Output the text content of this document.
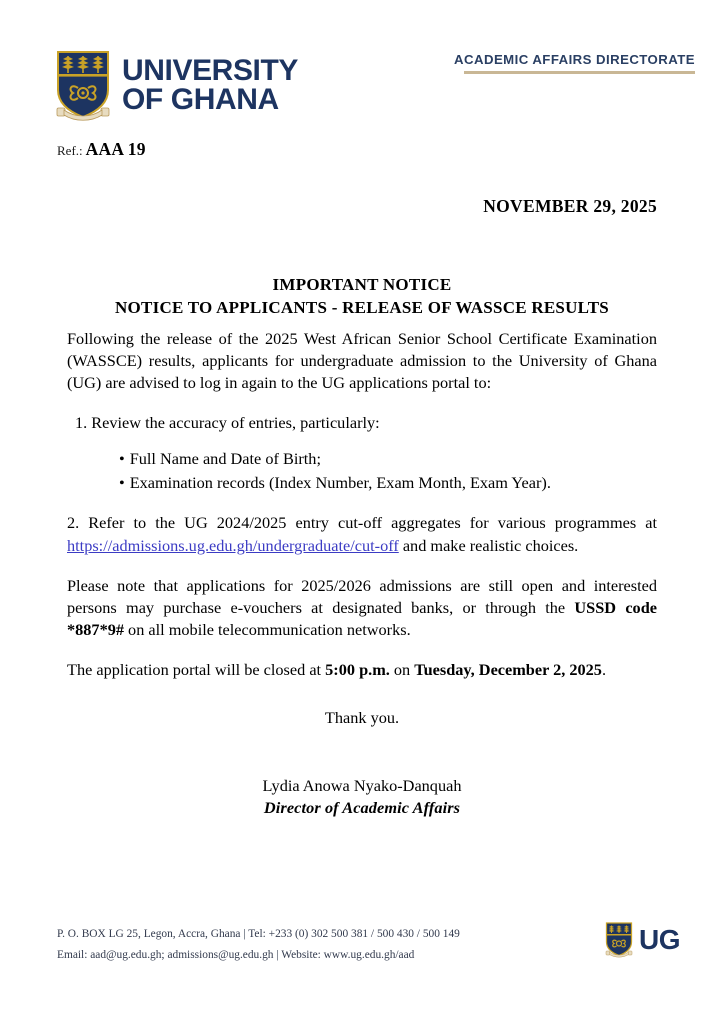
UNIVERSITY
OF GHANA
ACADEMIC AFFAIRS DIRECTORATE
Ref.: AAA 19
NOVEMBER 29, 2025
IMPORTANT NOTICE
NOTICE TO APPLICANTS - RELEASE OF WASSCE RESULTS

Following the release of the 2025 West African Senior School Certificate Examination (WASSCE) results, applicants for undergraduate admission to the University of Ghana (UG) are advised to log in again to the UG applications portal to:

1. Review the accuracy of entries, particularly:
• Full Name and Date of Birth;
• Examination records (Index Number, Exam Month, Exam Year).

2. Refer to the UG 2024/2025 entry cut-off aggregates for various programmes at https://admissions.ug.edu.gh/undergraduate/cut-off and make realistic choices.

Please note that applications for 2025/2026 admissions are still open and interested persons may purchase e-vouchers at designated banks, or through the USSD code *887*9# on all mobile telecommunication networks.

The application portal will be closed at 5:00 p.m. on Tuesday, December 2, 2025.

Thank you.
Lydia Anowa Nyako-Danquah
Director of Academic Affairs
P. O. BOX LG 25, Legon, Accra, Ghana | Tel: +233 (0) 302 500 381 / 500 430 / 500 149
Email: aad@ug.edu.gh; admissions@ug.edu.gh | Website: www.ug.edu.gh/aad
UG
